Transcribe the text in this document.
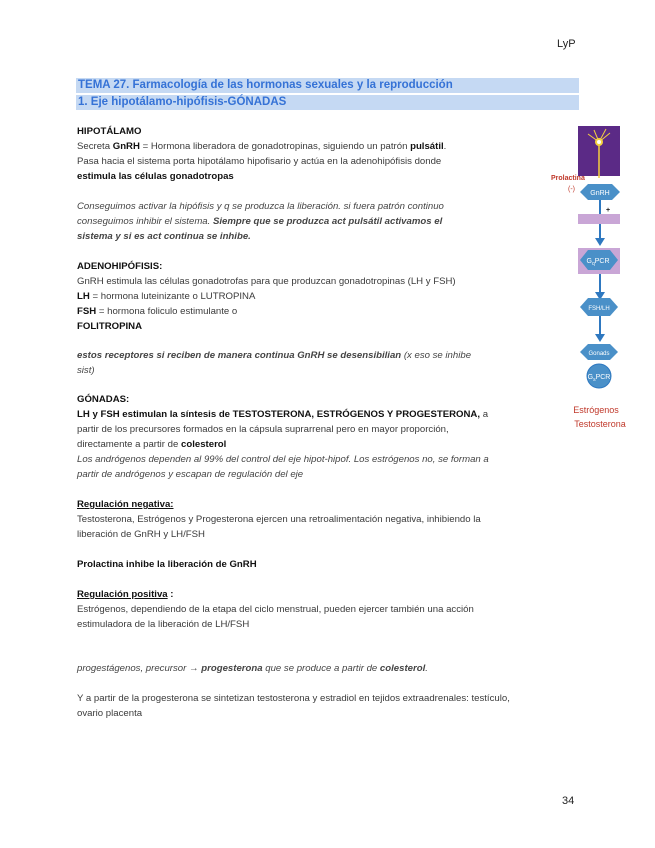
LyP
TEMA 27. Farmacología de las hormonas sexuales y la reproducción
1. Eje hipotálamo-hipófisis-GÓNADAS
HIPOTÁLAMO
Secreta GnRH = Hormona liberadora de gonadotropinas, siguiendo un patrón pulsátil.
Pasa hacia el sistema porta hipotálamo hipofisario y actúa en la adenohipófisis donde
estimula las células gonadotropas
Conseguimos activar la hipófisis y q se produzca la liberación. si fuera patrón continuo
conseguimos inhibir el sistema. Siempre que se produzca act pulsátil activamos el
sistema y si es act continua se inhibe.
ADENOHIPÓFISIS:
GnRH estimula las células gonadotrofas para que produzcan gonadotropinas (LH y FSH)
LH = hormona luteinizante o LUTROPINA
FSH = hormona foliculo estimulante o
FOLITROPINA
estos receptores si reciben de manera continua GnRH se desensibilian (x eso se inhibe
sist)
GÓNADAS:
LH y FSH estimulan la síntesis de TESTOSTERONA, ESTRÓGENOS Y PROGESTERONA, a
partir de los precursores formados en la cápsula suprarrenal pero en mayor proporción,
directamente a partir de colesterol
Los andrógenos dependen al 99% del control del eje hipot-hipof. Los estrógenos no, se forman a
partir de andrógenos y escapan de regulación del eje
Regulación negativa:
Testosterona, Estrógenos y Progesterona ejercen una retroalimentación negativa, inhibiendo la
liberación de GnRH y LH/FSH
Prolactina inhibe la liberación de GnRH
Regulación positiva :
Estrógenos, dependiendo de la etapa del ciclo menstrual, pueden ejercer también una acción
estimuladora de la liberación de LH/FSH
progestágenos, precursor → progesterona que se produce a partir de colesterol.
Y a partir de la progesterona se sintetizan testosterona y estradiol en tejidos extraadrenales: testículo,
ovario placenta
Prolactina
(-)
GnRH
+
$G_qPCR$
FSH/LH
Gonads
$G_sPCR$
Estrógenos
Testosterona
34
